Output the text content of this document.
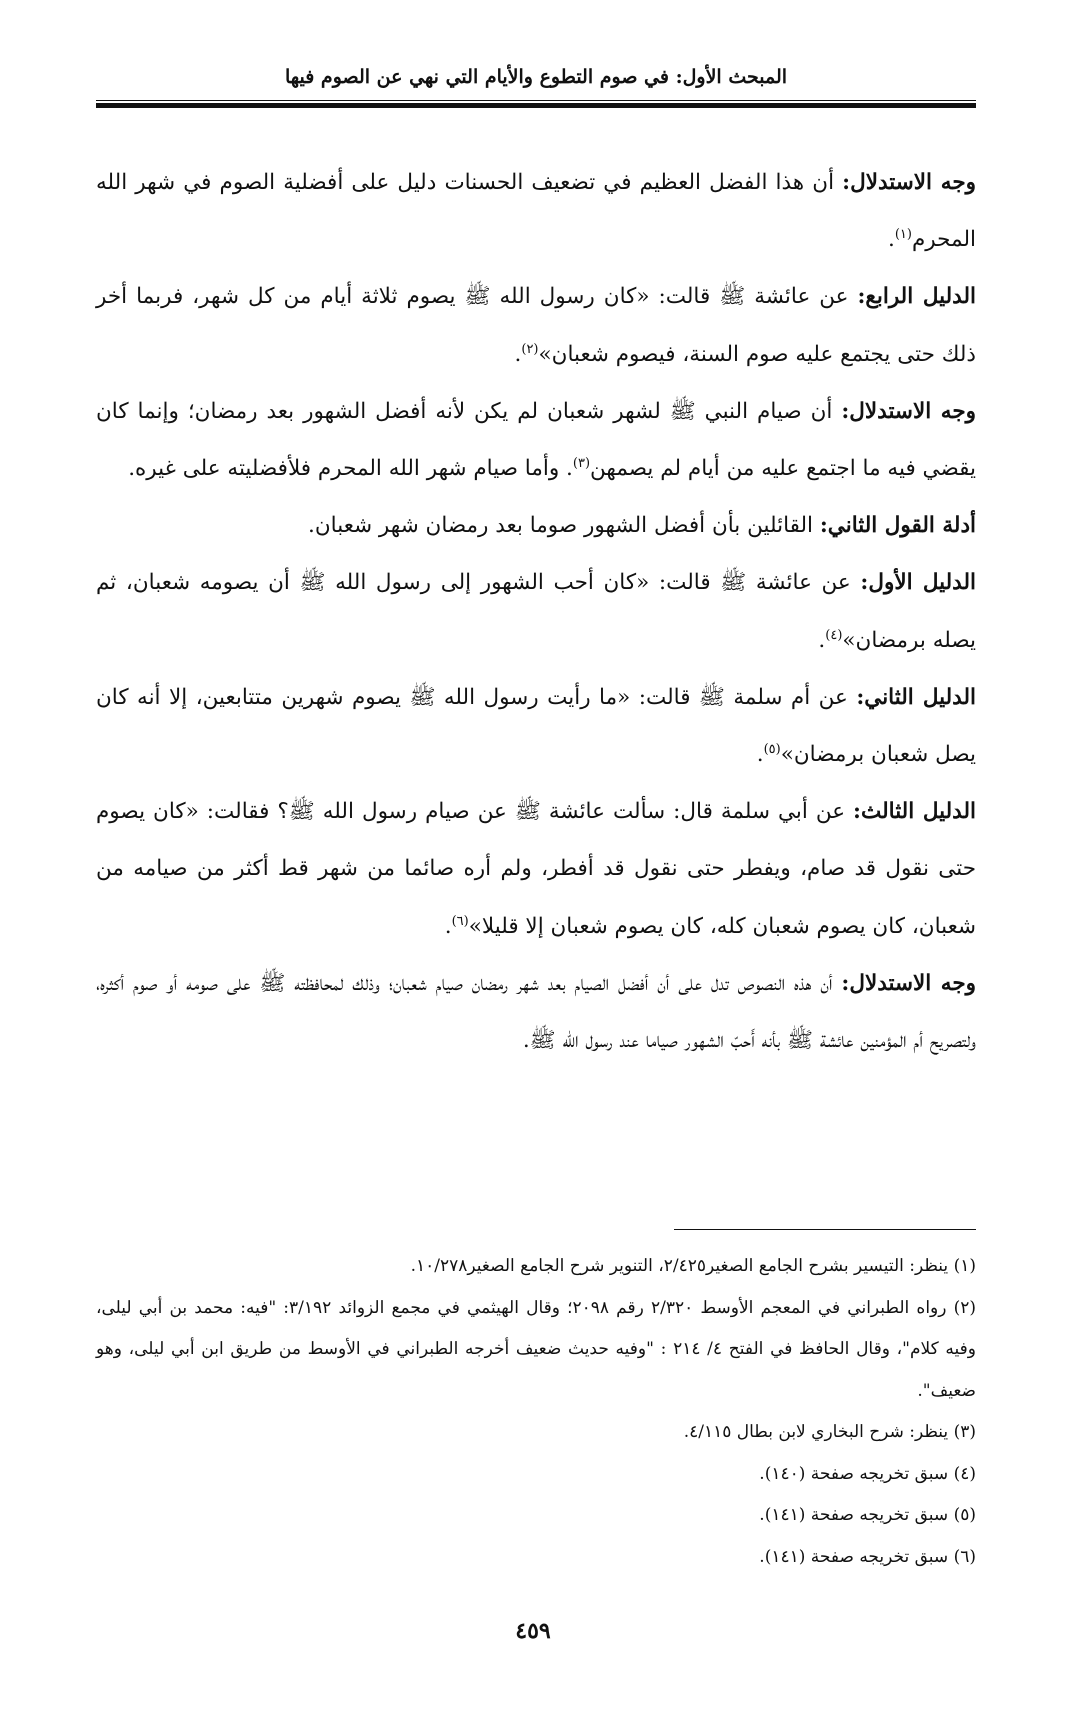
المبحث الأول: في صوم التطوع والأيام التي نهي عن الصوم فيها

وجه الاستدلال: أن هذا الفضل العظيم في تضعيف الحسنات دليل على أفضلية الصوم في شهر الله المحرم$^{(١)}$.

الدليل الرابع: عن عائشة ﷺ قالت: «كان رسول الله ﷺ يصوم ثلاثة أيام من كل شهر، فربما أخر ذلك حتى يجتمع عليه صوم السنة، فيصوم شعبان»$^{(٢)}$.

وجه الاستدلال: أن صيام النبي ﷺ لشهر شعبان لم يكن لأنه أفضل الشهور بعد رمضان؛ وإنما كان يقضي فيه ما اجتمع عليه من أيام لم يصمهن$^{(٣)}$. وأما صيام شهر الله المحرم فلأفضليته على غيره.

أدلة القول الثاني: القائلين بأن أفضل الشهور صوما بعد رمضان شهر شعبان.

الدليل الأول: عن عائشة ﷺ قالت: «كان أحب الشهور إلى رسول الله ﷺ أن يصومه شعبان، ثم يصله برمضان»$^{(٤)}$.

الدليل الثاني: عن أم سلمة ﷺ قالت: «ما رأيت رسول الله ﷺ يصوم شهرين متتابعين، إلا أنه كان يصل شعبان برمضان»$^{(٥)}$.

الدليل الثالث: عن أبي سلمة قال: سألت عائشة ﷺ عن صيام رسول الله ﷺ؟ فقالت: «كان يصوم حتى نقول قد صام، ويفطر حتى نقول قد أفطر، ولم أره صائما من شهر قط أكثر من صيامه من شعبان، كان يصوم شعبان كله، كان يصوم شعبان إلا قليلا»$^{(٦)}$.

وجه الاستدلال: أن هذه النصوص تدل على أن أفضل الصيام بعد شهر رمضان صيام شعبان؛ وذلك لمحافظته ﷺ على صومه أو صوم أكثره، ولتصريح أم المؤمنين عائشة ﷺ بأنه أَحبّ الشهور صياما عند رسول الله ﷺ.

(١) ينظر: التيسير بشرح الجامع الصغير٢/٤٢٥، التنوير شرح الجامع الصغير١٠/٢٧٨.

(٢) رواه الطبراني في المعجم الأوسط ٢/٣٢٠ رقم ٢٠٩٨؛ وقال الهيثمي في مجمع الزوائد ٣/١٩٢: "فيه: محمد بن أبي ليلى، وفيه كلام"، وقال الحافظ في الفتح ٤/ ٢١٤ : "وفيه حديث ضعيف أخرجه الطبراني في الأوسط من طريق ابن أبي ليلى، وهو ضعيف".

(٣) ينظر: شرح البخاري لابن بطال ٤/١١٥.

(٤) سبق تخريجه صفحة (١٤٠).

(٥) سبق تخريجه صفحة (١٤١).

(٦) سبق تخريجه صفحة (١٤١).

٤٥٩
